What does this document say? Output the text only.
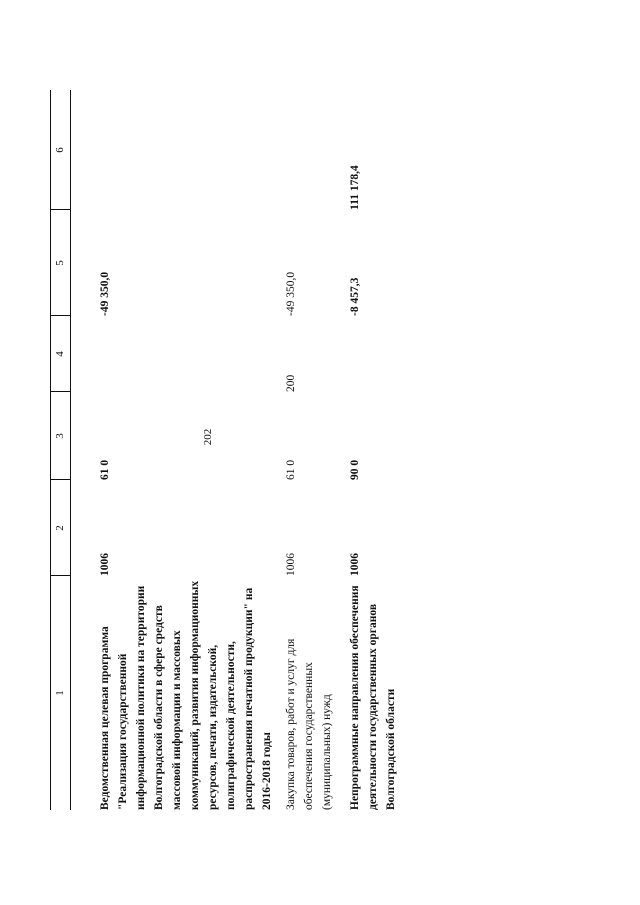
202
1
2
3
4
5
6
Ведомственная целевая программа "Реализация государственной информационной политики на территории Волгоградской области в сфере средств массовой информации и массовых коммуникаций, развития информационных ресурсов, печати, издательской, полиграфической деятельности, распространения печатной продукции" на 2016-2018 годы
1006
61 0
-49 350,0
Закупка товаров, работ и услуг для обеспечения государственных (муниципальных) нужд
1006
61 0
200
-49 350,0
Непрограммные направления обеспечения деятельности государственных органов Волгоградской области
1006
90 0
-8 457,3
111 178,4
